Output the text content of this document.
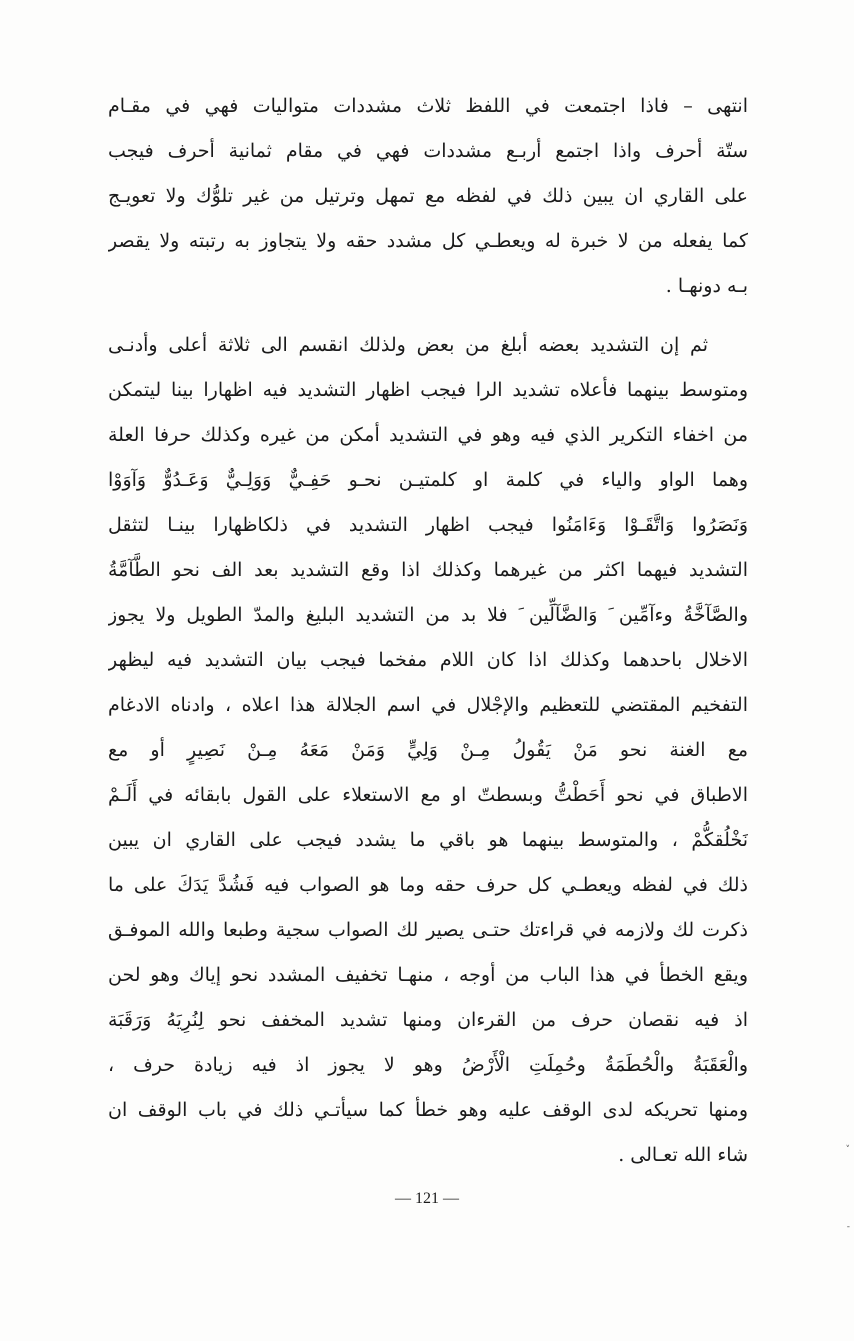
انتهى – فاذا اجتمعت في اللفظ ثلاث مشددات متواليات فهي في مقـام
ستّة أحرف واذا اجتمع أربـع مشددات فهي في مقام ثمانية أحرف فيجب
على القاري ان يبين ذلك في لفظه مع تمهل وترتيل من غير تلوُّك ولا تعويـج
كما يفعله من لا خبرة له ويعطـي كل مشدد حقه ولا يتجاوز به رتبته ولا يقصر
بـه دونهـا .
ثم إن التشديد بعضه أبلغ من بعض ولذلك انقسم الى ثلاثة أعلى وأدنـى
ومتوسط بينهما فأعلاه تشديد الرا فيجب اظهار التشديد فيه اظهارا بينا ليتمكن
من اخفاء التكرير الذي فيه وهو في التشديد أمكن من غيره وكذلك حرفا العلة
وهما الواو والياء في كلمة او كلمتيـن نحـو حَفِـيٌّ وَوَلِـيٌّ وَعَـدُوٌّ وَآوَوْا
وَنَصَرُوا وَاتَّقَـوْا وَءَامَنُوا فيجب اظهار التشديد في ذلكاظهارا بينـا لتثقل
التشديد فيهما اكثر من غيرهما وكذلك اذا وقع التشديد بعد الف نحو الطَّآمَّةُ
والصَّآخَّةُ وءآمِّين َ وَالضَّآلِّين َ فلا بد من التشديد البليغ والمدّ الطويل ولا يجوز
الاخلال باحدهما وكذلك اذا كان اللام مفخما فيجب بيان التشديد فيه ليظهر
التفخيم المقتضي للتعظيم والإجْلال في اسم الجلالة هذا اعلاه ، وادناه الادغام
مع الغنة نحو مَنْ يَقُولُ مِـنْ وَلِيٍّ وَمَنْ مَعَهُ مِـنْ نَصِيرٍ أو مع
الاطباق في نحو أَحَطْتُّ وبسطتّ او مع الاستعلاء على القول بابقائه في أَلَـمْ
نَخْلُقكُّمْ ، والمتوسط بينهما هو باقي ما يشدد فيجب على القاري ان يبين
ذلك في لفظه ويعطـي كل حرف حقه وما هو الصواب فيه فَشُدَّ يَدَكَ على ما
ذكرت لك ولازمه في قراءتك حتـى يصير لك الصواب سجية وطبعا والله الموفـق
ويقع الخطأ في هذا الباب من أوجه ، منهـا تخفيف المشدد نحو إياك وهو لحن
اذ فيه نقصان حرف من القرءان ومنها تشديد المخفف نحو لِنُرِيَهُ وَرَقَبَة
والْعَقَبَةُ والْحُطَمَةُ وحُمِلَتِ الْأَرْضُ وهو لا يجوز اذ فيه زيادة حرف ،
ومنها تحريكه لدى الوقف عليه وهو خطأ كما سيأتـي ذلك في باب الوقف ان
شاء الله تعـالى .
— 121 —
˅
-
